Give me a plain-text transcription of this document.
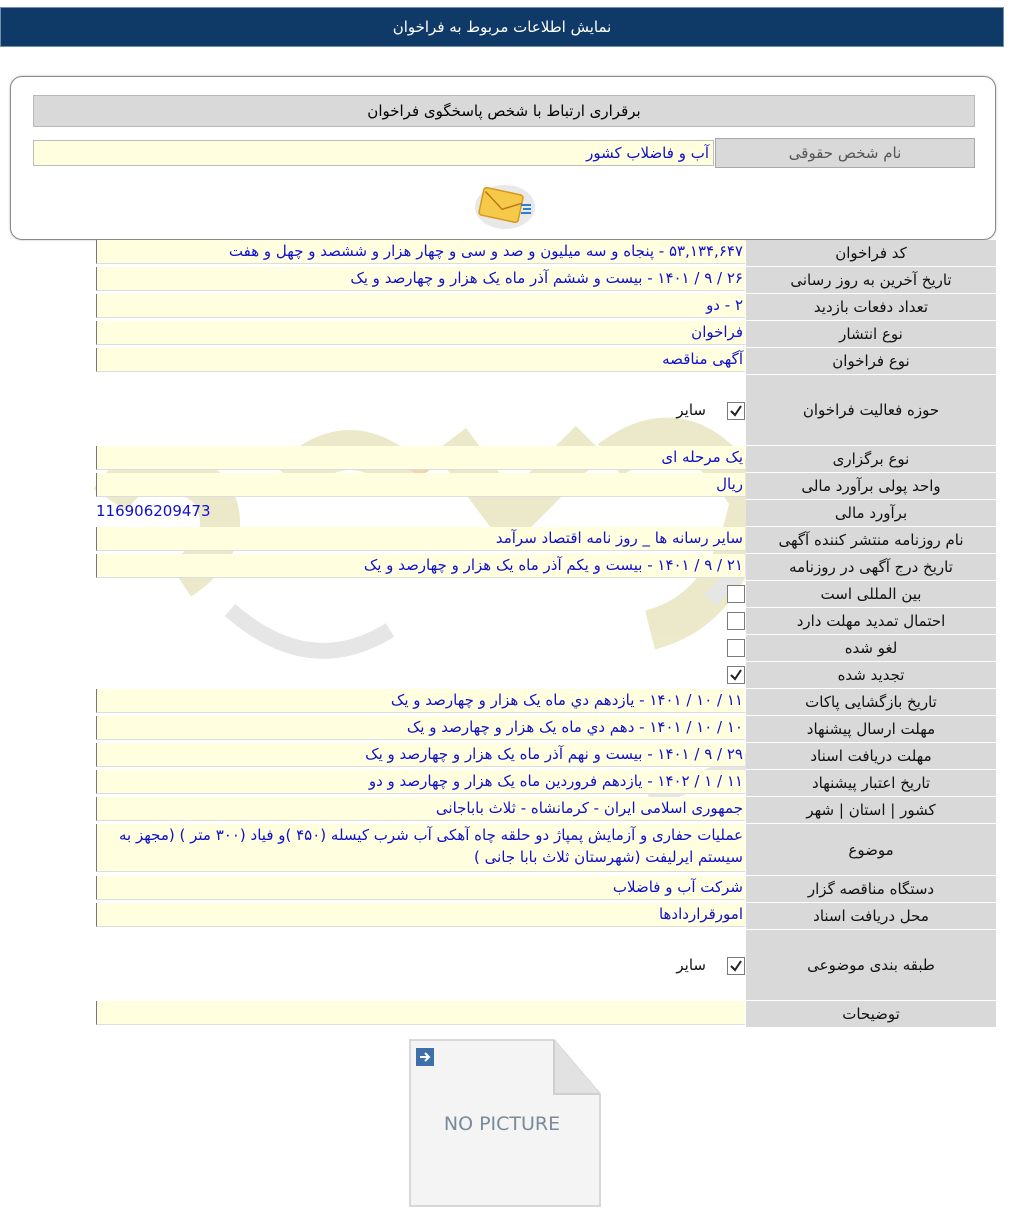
نمایش اطلاعات مربوط به فراخوان
برقراری ارتباط با شخص پاسخگوی فراخوان
نام شخص حقوقی
آب و فاضلاب کشور
کد فراخوان
۵۳,۱۳۴,۶۴۷ - پنجاه و سه میلیون و صد و سی و چهار هزار و ششصد و چهل و هفت
تاریخ آخرین به روز رسانی
۲۶ / ۹ / ۱۴۰۱ - بیست و ششم آذر ماه یک هزار و چهارصد و یک
تعداد دفعات بازدید
۲ - دو
نوع انتشار
فراخوان
نوع فراخوان
آگهی مناقصه
حوزه فعالیت فراخوان
سایر
نوع برگزاری
یک مرحله ای
واحد پولی برآورد مالی
ریال
برآورد مالی
116906209473
نام روزنامه منتشر کننده آگهی
سایر رسانه ها _ روز نامه اقتصاد سرآمد
تاریخ درج آگهی در روزنامه
۲۱ / ۹ / ۱۴۰۱ - بیست و یکم آذر ماه یک هزار و چهارصد و یک
بین المللی است
احتمال تمدید مهلت دارد
لغو شده
تجدید شده
تاریخ بازگشایی پاکات
۱۱ / ۱۰ / ۱۴۰۱ - یازدهم دي ماه یک هزار و چهارصد و یک
مهلت ارسال پیشنهاد
۱۰ / ۱۰ / ۱۴۰۱ - دهم دي ماه یک هزار و چهارصد و یک
مهلت دریافت اسناد
۲۹ / ۹ / ۱۴۰۱ - بیست و نهم آذر ماه یک هزار و چهارصد و یک
تاریخ اعتبار پیشنهاد
۱۱ / ۱ / ۱۴۰۲ - یازدهم فروردین ماه یک هزار و چهارصد و دو
کشور | استان | شهر
جمهوری اسلامی ایران - کرمانشاه - ثلاث باباجانی
موضوع
عملیات حفاری و آزمایش پمپاژ دو حلقه چاه آهکی آب شرب کیسله (۴۵۰ )و فیاد (۳۰۰ متر ) (مجهز به سیستم ایرلیفت (شهرستان ثلاث بابا جانی )
دستگاه مناقصه گزار
شرکت آب و فاضلاب
محل دریافت اسناد
امورقراردادها
طبقه بندی موضوعی
سایر
توضیحات
NO PICTURE
